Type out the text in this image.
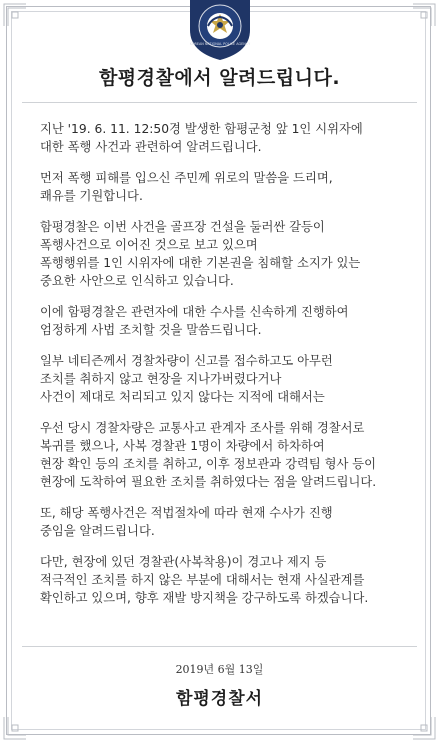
KOREAN NATIONAL POLICE AGENCY
함평경찰에서 알려드립니다.

지난 '19. 6. 11. 12:50경 발생한 함평군청 앞 1인 시위자에
대한 폭행 사건과 관련하여 알려드립니다.

먼저 폭행 피해를 입으신 주민께 위로의 말씀을 드리며,
쾌유를 기원합니다.

함평경찰은 이번 사건을 골프장 건설을 둘러싼 갈등이
폭행사건으로 이어진 것으로 보고 있으며
폭행행위를 1인 시위자에 대한 기본권을 침해할 소지가 있는
중요한 사안으로 인식하고 있습니다.

이에 함평경찰은 관련자에 대한 수사를 신속하게 진행하여
엄정하게 사법 조치할 것을 말씀드립니다.

일부 네티즌께서 경찰차량이 신고를 접수하고도 아무런
조치를 취하지 않고 현장을 지나가버렸다거나
사건이 제대로 처리되고 있지 않다는 지적에 대해서는

우선 당시 경찰차량은 교통사고 관계자 조사를 위해 경찰서로
복귀를 했으나, 사복 경찰관 1명이 차량에서 하차하여
현장 확인 등의 조치를 취하고, 이후 정보관과 강력팀 형사 등이
현장에 도착하여 필요한 조치를 취하였다는 점을 알려드립니다.

또, 해당 폭행사건은 적법절차에 따라 현재 수사가 진행
중임을 알려드립니다.

다만, 현장에 있던 경찰관(사복착용)이 경고나 제지 등
적극적인 조치를 하지 않은 부분에 대해서는 현재 사실관계를
확인하고 있으며, 향후 재발 방지책을 강구하도록 하겠습니다.

2019년 6월 13일
함평경찰서
